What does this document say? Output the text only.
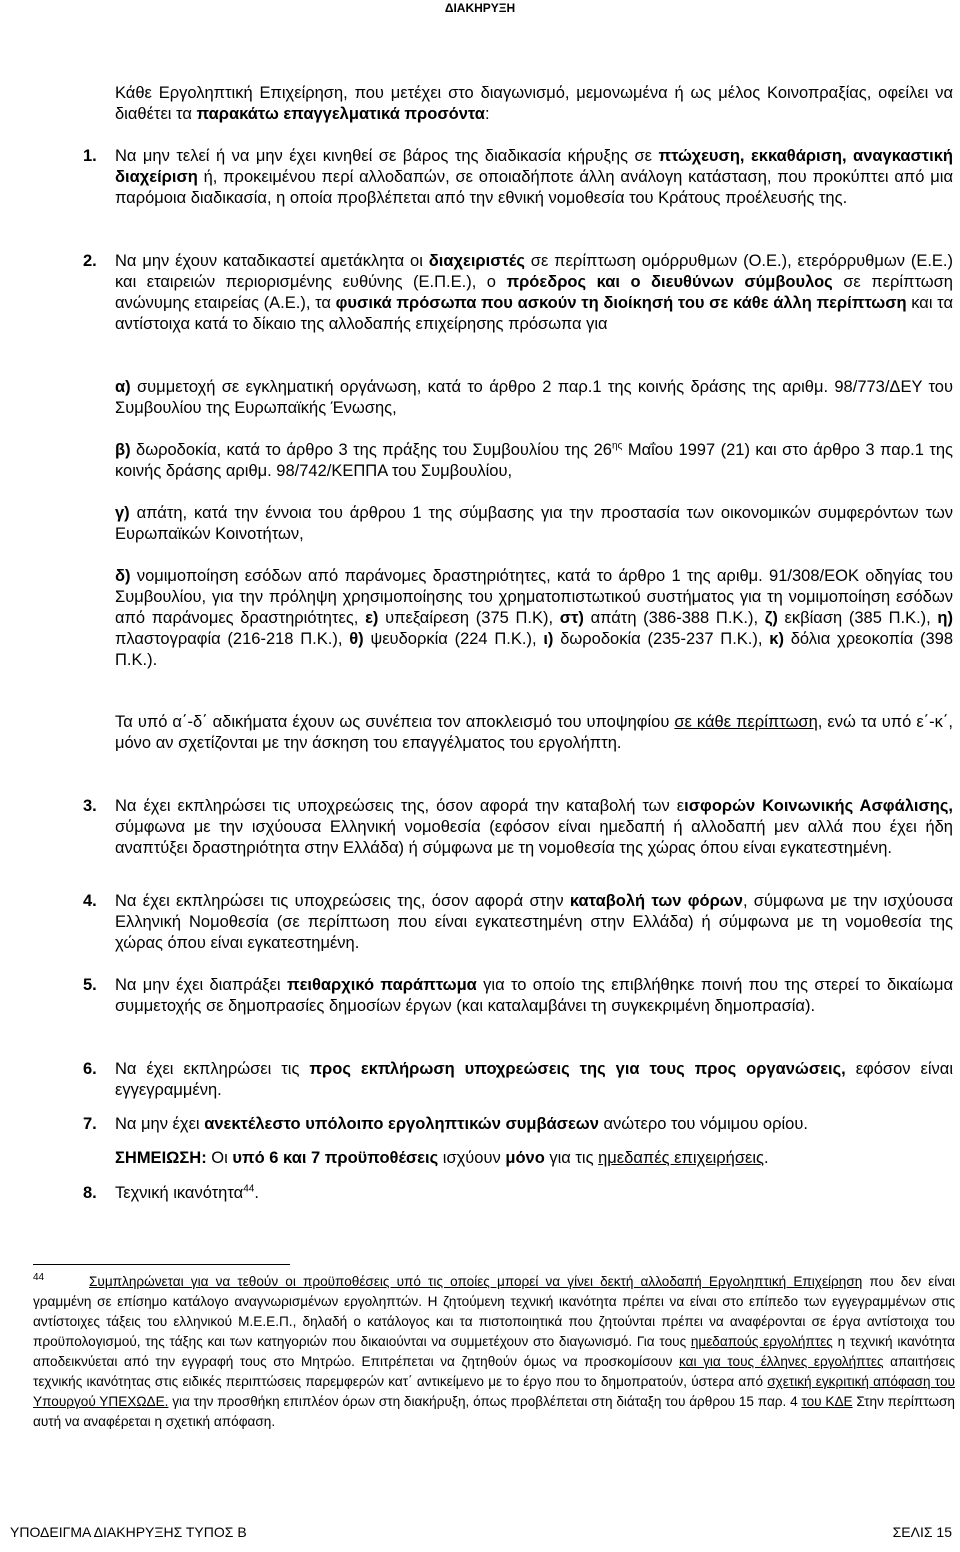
ΔΙΑΚΗΡΥΞΗ

Κάθε Εργοληπτική Επιχείρηση, που μετέχει στο διαγωνισμό, μεμονωμένα ή ως μέλος Κοινοπραξίας, οφείλει να διαθέτει τα παρακάτω επαγγελματικά προσόντα:

1. Να μην τελεί ή να μην έχει κινηθεί σε βάρος της διαδικασία κήρυξης σε πτώχευση, εκκαθάριση, αναγκαστική διαχείριση ή, προκειμένου περί αλλοδαπών, σε οποιαδήποτε άλλη ανάλογη κατάσταση, που προκύπτει από μια παρόμοια διαδικασία, η οποία προβλέπεται από την εθνική νομοθεσία του Κράτους προέλευσής της.

2. Να μην έχουν καταδικαστεί αμετάκλητα οι διαχειριστές σε περίπτωση ομόρρυθμων (Ο.Ε.), ετερόρρυθμων (Ε.Ε.) και εταιρειών περιορισμένης ευθύνης (Ε.Π.Ε.), ο πρόεδρος και ο διευθύνων σύμβουλος σε περίπτωση ανώνυμης εταιρείας (Α.Ε.), τα φυσικά πρόσωπα που ασκούν τη διοίκησή του σε κάθε άλλη περίπτωση και τα αντίστοιχα κατά το δίκαιο της αλλοδαπής επιχείρησης πρόσωπα για

α) συμμετοχή σε εγκληματική οργάνωση, κατά το άρθρο 2 παρ.1 της κοινής δράσης της αριθμ. 98/773/ΔΕΥ του Συμβουλίου της Ευρωπαϊκής Ένωσης,

β) δωροδοκία, κατά το άρθρο 3 της πράξης του Συμβουλίου της $26^{\eta\varsigma}$ Μαΐου 1997 (21) και στο άρθρο 3 παρ.1 της κοινής δράσης αριθμ. 98/742/ΚΕΠΠΑ του Συμβουλίου,

γ) απάτη, κατά την έννοια του άρθρου 1 της σύμβασης για την προστασία των οικονομικών συμφερόντων των Ευρωπαϊκών Κοινοτήτων,

δ) νομιμοποίηση εσόδων από παράνομες δραστηριότητες, κατά το άρθρο 1 της αριθμ. 91/308/ΕΟΚ οδηγίας του Συμβουλίου, για την πρόληψη χρησιμοποίησης του χρηματοπιστωτικού συστήματος για τη νομιμοποίηση εσόδων από παράνομες δραστηριότητες, ε) υπεξαίρεση (375 Π.Κ), στ) απάτη (386-388 Π.Κ.), ζ) εκβίαση (385 Π.Κ.), η) πλαστογραφία (216-218 Π.Κ.), θ) ψευδορκία (224 Π.Κ.), ι) δωροδοκία (235-237 Π.Κ.), κ) δόλια χρεοκοπία (398 Π.Κ.).

Τα υπό α΄-δ΄ αδικήματα έχουν ως συνέπεια τον αποκλεισμό του υποψηφίου σε κάθε περίπτωση, ενώ τα υπό ε΄-κ΄, μόνο αν σχετίζονται με την άσκηση του επαγγέλματος του εργολήπτη.

3. Να έχει εκπληρώσει τις υποχρεώσεις της, όσον αφορά την καταβολή των εισφορών Κοινωνικής Ασφάλισης, σύμφωνα με την ισχύουσα Ελληνική νομοθεσία (εφόσον είναι ημεδαπή ή αλλοδαπή μεν αλλά που έχει ήδη αναπτύξει δραστηριότητα στην Ελλάδα) ή σύμφωνα με τη νομοθεσία της χώρας όπου είναι εγκατεστημένη.

4. Να έχει εκπληρώσει τις υποχρεώσεις της, όσον αφορά στην καταβολή των φόρων, σύμφωνα με την ισχύουσα Ελληνική Νομοθεσία (σε περίπτωση που είναι εγκατεστημένη στην Ελλάδα) ή σύμφωνα με τη νομοθεσία της χώρας όπου είναι εγκατεστημένη.

5. Να μην έχει διαπράξει πειθαρχικό παράπτωμα για το οποίο της επιβλήθηκε ποινή που της στερεί το δικαίωμα συμμετοχής σε δημοπρασίες δημοσίων έργων (και καταλαμβάνει τη συγκεκριμένη δημοπρασία).

6. Να έχει εκπληρώσει τις προς εκπλήρωση υποχρεώσεις της για τους προς οργανώσεις, εφόσον είναι εγγεγραμμένη.

7. Να μην έχει ανεκτέλεστο υπόλοιπο εργοληπτικών συμβάσεων ανώτερο του νόμιμου ορίου.

ΣΗΜΕΙΩΣΗ: Οι υπό 6 και 7 προϋποθέσεις ισχύουν μόνο για τις ημεδαπές επιχειρήσεις.

8. Τεχνική ικανότητα$^{44}$.

44	Συμπληρώνεται για να τεθούν οι προϋποθέσεις υπό τις οποίες μπορεί να γίνει δεκτή αλλοδαπή Εργοληπτική Επιχείρηση που δεν είναι γραμμένη σε επίσημο κατάλογο αναγνωρισμένων εργοληπτών. Η ζητούμενη τεχνική ικανότητα πρέπει να είναι στο επίπεδο των εγγεγραμμένων στις αντίστοιχες τάξεις του ελληνικού Μ.Ε.Ε.Π., δηλαδή ο κατάλογος και τα πιστοποιητικά που ζητούνται πρέπει να αναφέρονται σε έργα αντίστοιχα του προϋπολογισμού, της τάξης και των κατηγοριών που δικαιούνται να συμμετέχουν στο διαγωνισμό. Για τους ημεδαπούς εργολήπτες η τεχνική ικανότητα αποδεικνύεται από την εγγραφή τους στο Μητρώο. Επιτρέπεται να ζητηθούν όμως να προσκομίσουν και για τους έλληνες εργολήπτες απαιτήσεις τεχνικής ικανότητας στις ειδικές περιπτώσεις παρεμφερών κατ΄ αντικείμενο με το έργο που το δημοπρατούν, ύστερα από σχετική εγκριτική απόφαση του Υπουργού ΥΠΕΧΩΔΕ. για την προσθήκη επιπλέον όρων στη διακήρυξη, όπως προβλέπεται στη διάταξη του άρθρου 15 παρ. 4 του ΚΔΕ Στην περίπτωση αυτή να αναφέρεται η σχετική απόφαση.
ΥΠΟΔΕΙΓΜΑ ΔΙΑΚΗΡΥΞΗΣ ΤΥΠΟΣ Β	ΣΕΛΙΣ 15
